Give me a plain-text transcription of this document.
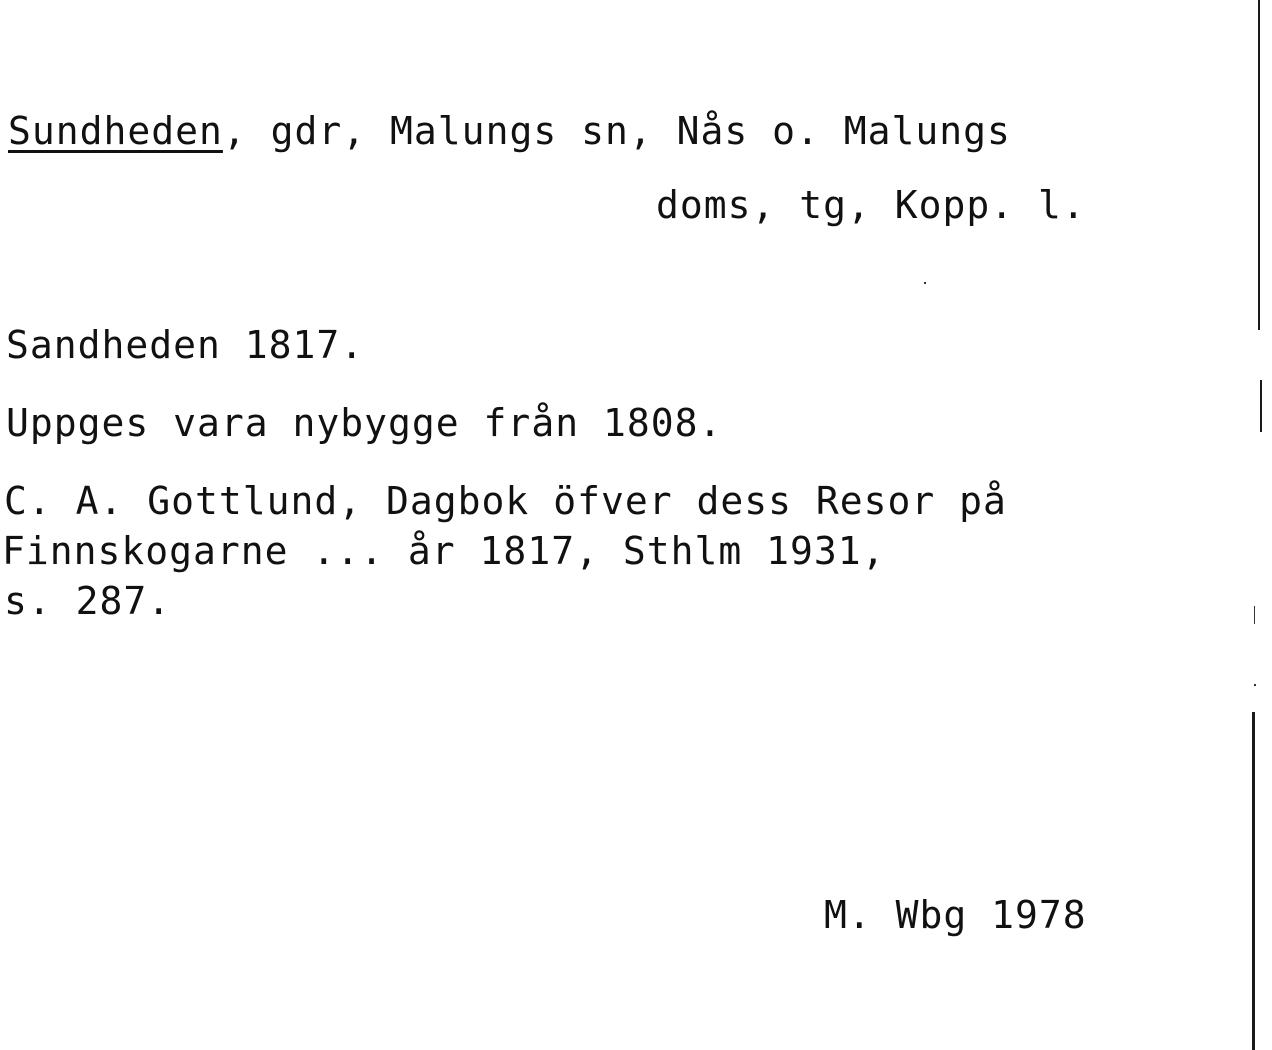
Sundheden, gdr, Malungs sn, Nås o. Malungs
doms, tg, Kopp. l.
Sandheden 1817.
Uppges vara nybygge från 1808.
C. A. Gottlund, Dagbok öfver dess Resor på
Finnskogarne ... år 1817, Sthlm 1931,
s. 287.
M. Wbg 1978
